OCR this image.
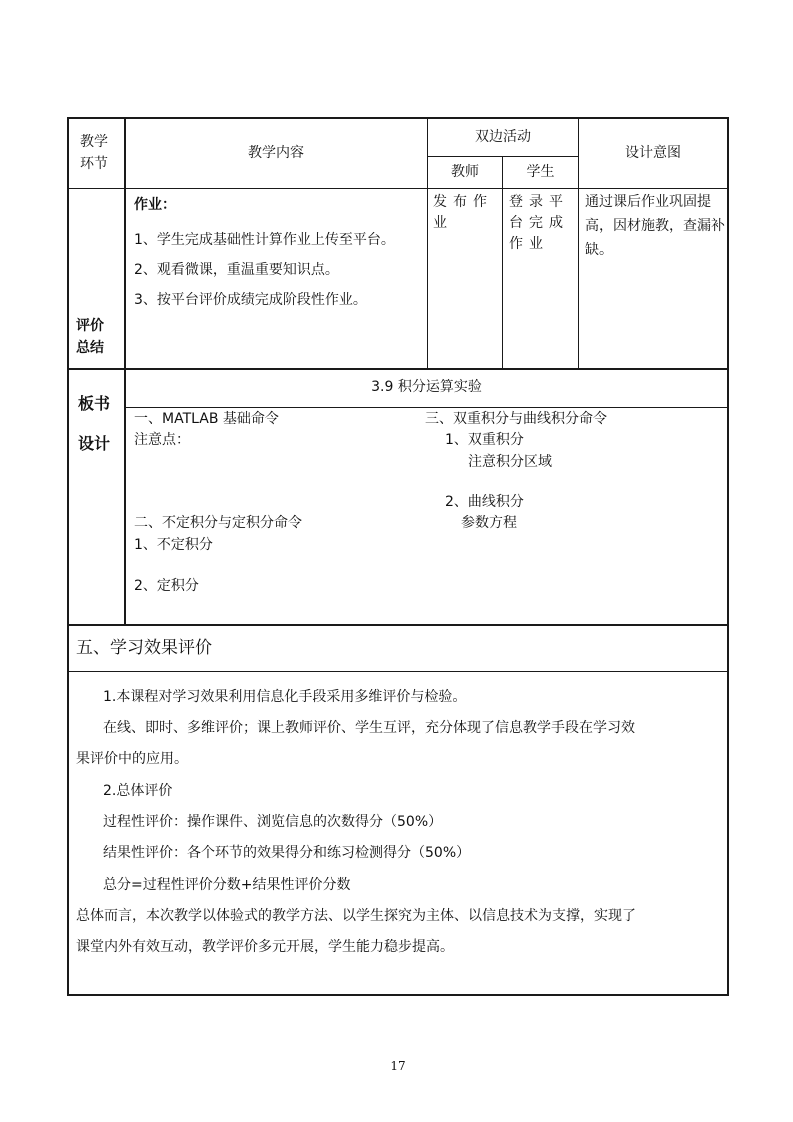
教学环节
教学内容
双边活动
教师	学生
设计意图
评价总结
作业：
1、学生完成基础性计算作业上传至平台。
2、观看微课，重温重要知识点。
3、按平台评价成绩完成阶段性作业。
发布作业
登录平台完成作业
通过课后作业巩固提高，因材施教，查漏补缺。
板书设计
3.9 积分运算实验
一、MATLAB 基础命令
注意点：
二、不定积分与定积分命令
1、不定积分
2、定积分
三、双重积分与曲线积分命令
1、双重积分
注意积分区域
2、曲线积分
参数方程
五、学习效果评价
1.本课程对学习效果利用信息化手段采用多维评价与检验。
在线、即时、多维评价；课上教师评价、学生互评，充分体现了信息教学手段在学习效
果评价中的应用。
2.总体评价
过程性评价：操作课件、浏览信息的次数得分（50%）
结果性评价：各个环节的效果得分和练习检测得分（50%）
总分=过程性评价分数+结果性评价分数
总体而言，本次教学以体验式的教学方法、以学生探究为主体、以信息技术为支撑，实现了
课堂内外有效互动，教学评价多元开展，学生能力稳步提高。
17
